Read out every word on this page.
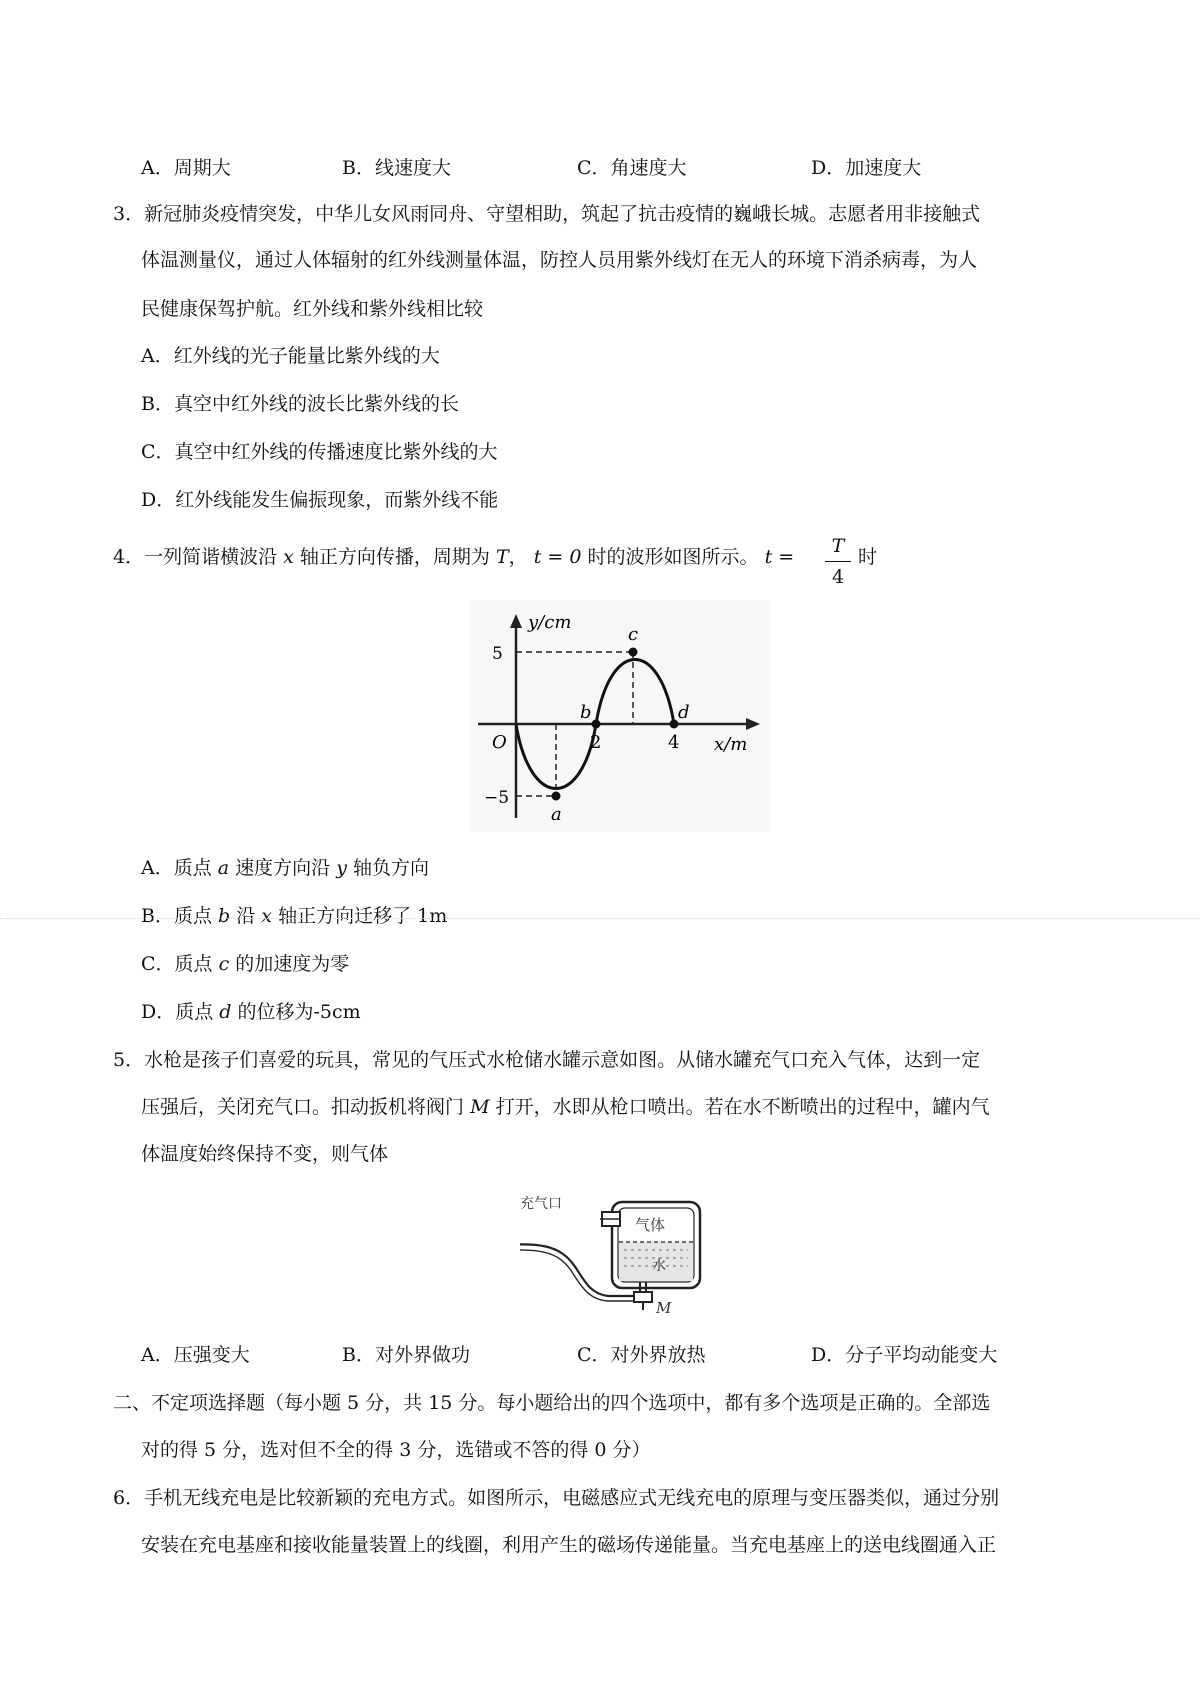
A．周期大	B．线速度大	C．角速度大	D．加速度大
3．新冠肺炎疫情突发，中华儿女风雨同舟、守望相助，筑起了抗击疫情的巍峨长城。志愿者用非接触式
体温测量仪，通过人体辐射的红外线测量体温，防控人员用紫外线灯在无人的环境下消杀病毒，为人
民健康保驾护航。红外线和紫外线相比较
A．红外线的光子能量比紫外线的大
B．真空中红外线的波长比紫外线的长
C．真空中红外线的传播速度比紫外线的大
D．红外线能发生偏振现象，而紫外线不能
4．一列简谐横波沿 x 轴正方向传播，周期为 T， t = 0 时的波形如图所示。 t =	T
4
时
y/cm
x/m
O
5
−5
2	4
a
b
c
d
A．质点 a 速度方向沿 y 轴负方向
B．质点 b 沿 x 轴正方向迁移了 1m
C．质点 c 的加速度为零
D．质点 d 的位移为-5cm
5．水枪是孩子们喜爱的玩具，常见的气压式水枪储水罐示意如图。从储水罐充气口充入气体，达到一定
压强后，关闭充气口。扣动扳机将阀门 M 打开，水即从枪口喷出。若在水不断喷出的过程中，罐内气
体温度始终保持不变，则气体
充气口
气体
水
M
A．压强变大	B．对外界做功	C．对外界放热	D．分子平均动能变大
二、不定项选择题（每小题 5 分，共 15 分。每小题给出的四个选项中，都有多个选项是正确的。全部选
对的得 5 分，选对但不全的得 3 分，选错或不答的得 0 分）
6．手机无线充电是比较新颖的充电方式。如图所示，电磁感应式无线充电的原理与变压器类似，通过分别
安装在充电基座和接收能量装置上的线圈，利用产生的磁场传递能量。当充电基座上的送电线圈通入正
